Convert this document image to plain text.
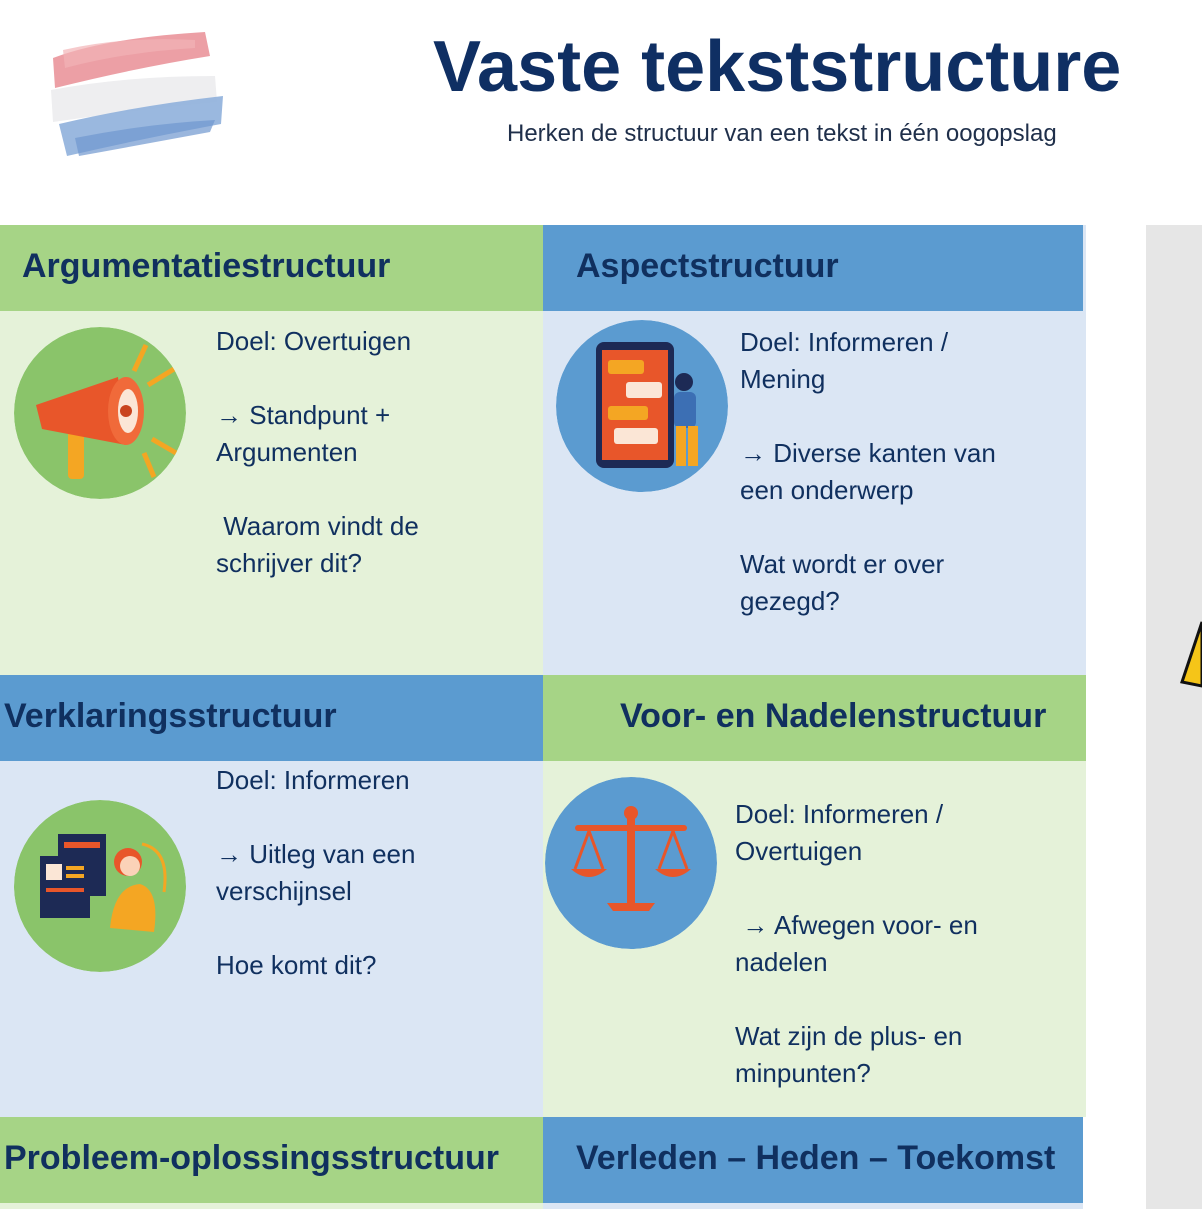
Vaste tekststructure
Herken de structuur van een tekst in één oogopslag
Argumentatiestructuur

Doel: Overtuigen

→ Standpunt +

Argumenten

Waarom vindt de

schrijver dit?

Aspectstructuur

Doel: Informeren /

Mening

→ Diverse kanten van

een onderwerp

Wat wordt er over

gezegd?

Verklaringsstructuur

Doel: Informeren

→ Uitleg van een

verschijnsel

Hoe komt dit?

Voor- en Nadelenstructuur

Doel: Informeren /

Overtuigen

→ Afwegen voor- en

nadelen

Wat zijn de plus- en

minpunten?

Probleem-oplossingsstructuur Verleden – Heden – Toekomst
